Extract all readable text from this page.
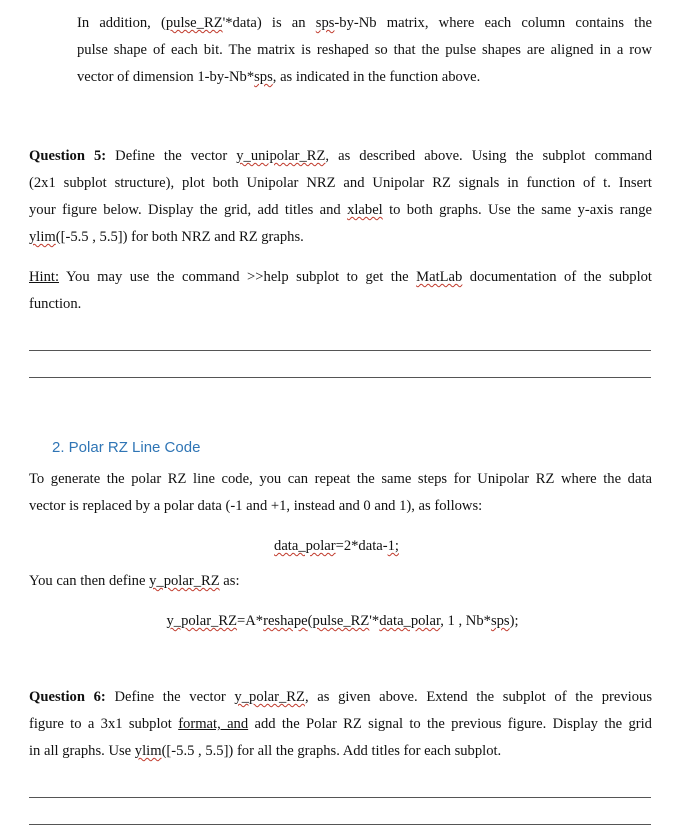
In addition, (pulse_RZ'*data) is an sps-by-Nb matrix, where each column contains the
pulse shape of each bit. The matrix is reshaped so that the pulse shapes are aligned in a row
vector of dimension 1-by-Nb*sps, as indicated in the function above.
Question 5: Define the vector y_unipolar_RZ, as described above. Using the subplot command
(2x1 subplot structure), plot both Unipolar NRZ and Unipolar RZ signals in function of t. Insert
your figure below. Display the grid, add titles and xlabel to both graphs. Use the same y-axis range
ylim([-5.5 , 5.5]) for both NRZ and RZ graphs.
Hint: You may use the command >>help subplot to get the MatLab documentation of the subplot
function.
2. Polar RZ Line Code
To generate the polar RZ line code, you can repeat the same steps for Unipolar RZ where the data
vector is replaced by a polar data (-1 and +1, instead and 0 and 1), as follows:
data_polar=2*data-1;
You can then define y_polar_RZ as:
y_polar_RZ=A*reshape(pulse_RZ'*data_polar, 1 , Nb*sps);
Question 6: Define the vector y_polar_RZ, as given above. Extend the subplot of the previous
figure to a 3x1 subplot format, and add the Polar RZ signal to the previous figure. Display the grid
in all graphs. Use ylim([-5.5 , 5.5]) for all the graphs. Add titles for each subplot.
